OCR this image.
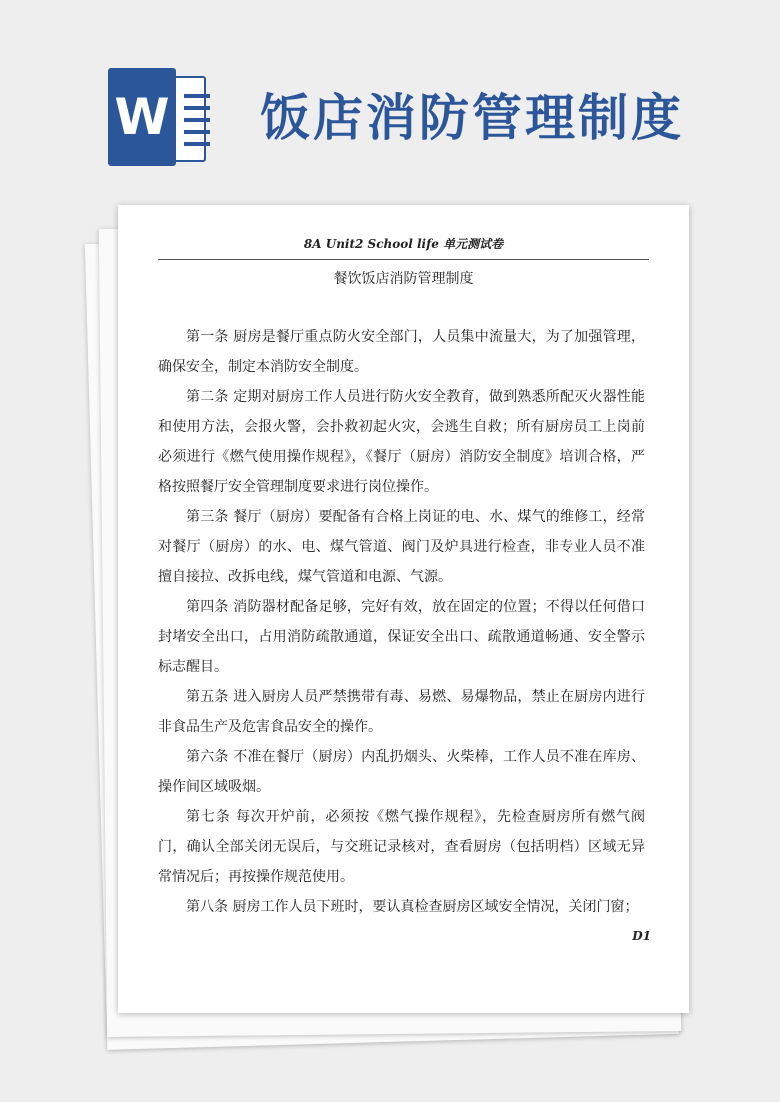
W 饭店消防管理制度
8A Unit2 School life 单元测试卷
餐饮饭店消防管理制度

第一条 厨房是餐厅重点防火安全部门，人员集中流量大，为了加强管理，确保安全，制定本消防安全制度。

第二条 定期对厨房工作人员进行防火安全教育，做到熟悉所配灭火器性能和使用方法，会报火警，会扑救初起火灾，会逃生自救；所有厨房员工上岗前必须进行《燃气使用操作规程》，《餐厅（厨房）消防安全制度》培训合格，严格按照餐厅安全管理制度要求进行岗位操作。

第三条 餐厅（厨房）要配备有合格上岗证的电、水、煤气的维修工，经常对餐厅（厨房）的水、电、煤气管道、阀门及炉具进行检查，非专业人员不准擅自接拉、改拆电线，煤气管道和电源、气源。

第四条 消防器材配备足够，完好有效，放在固定的位置；不得以任何借口封堵安全出口，占用消防疏散通道，保证安全出口、疏散通道畅通、安全警示标志醒目。

第五条 进入厨房人员严禁携带有毒、易燃、易爆物品，禁止在厨房内进行非食品生产及危害食品安全的操作。

第六条 不准在餐厅（厨房）内乱扔烟头、火柴棒，工作人员不准在库房、操作间区域吸烟。

第七条 每次开炉前，必须按《燃气操作规程》，先检查厨房所有燃气阀门，确认全部关闭无误后，与交班记录核对，查看厨房（包括明档）区域无异常情况后；再按操作规范使用。

第八条 厨房工作人员下班时，要认真检查厨房区域安全情况，关闭门窗；

D1
